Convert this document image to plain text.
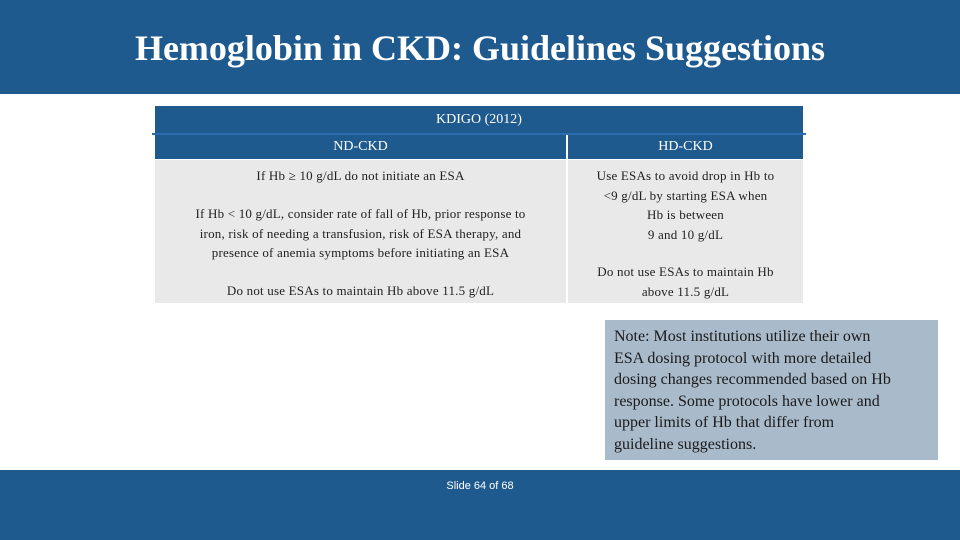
Hemoglobin in CKD: Guidelines Suggestions
KDIGO (2012)
ND-CKD	HD-CKD

If Hb ≥ 10 g/dL do not initiate an ESA

If Hb < 10 g/dL, consider rate of fall of Hb, prior response to
iron, risk of needing a transfusion, risk of ESA therapy, and
presence of anemia symptoms before initiating an ESA

Do not use ESAs to maintain Hb above 11.5 g/dL

Use ESAs to avoid drop in Hb to
<9 g/dL by starting ESA when
Hb is between
9 and 10 g/dL

Do not use ESAs to maintain Hb
above 11.5 g/dL

Note: Most institutions utilize their own
ESA dosing protocol with more detailed
dosing changes recommended based on Hb
response. Some protocols have lower and
upper limits of Hb that differ from
guideline suggestions.
Slide 64 of 68
